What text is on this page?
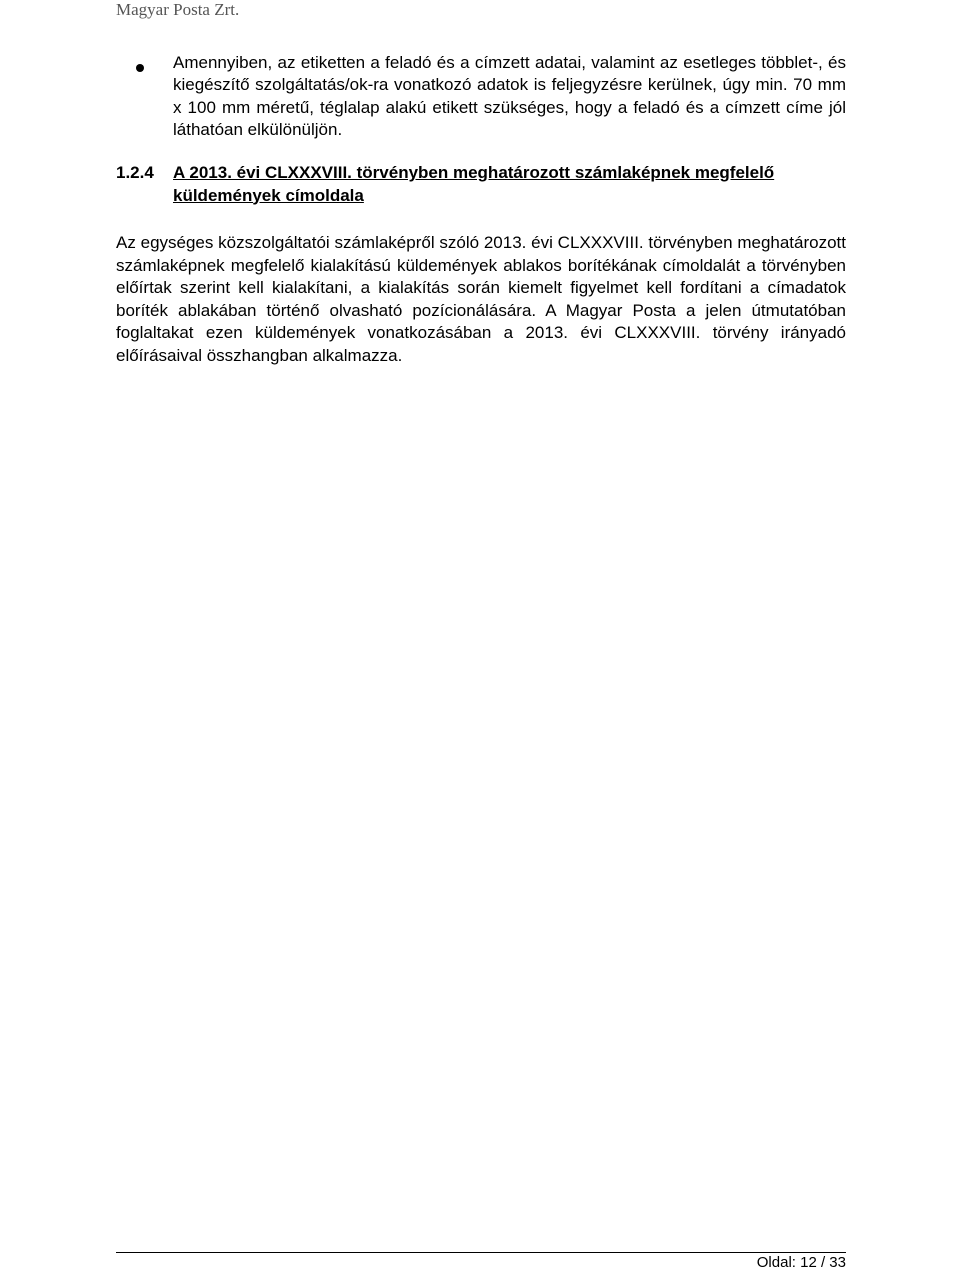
Magyar Posta Zrt.
Amennyiben, az etiketten a feladó és a címzett adatai, valamint az esetleges többlet-, és kiegészítő szolgáltatás/ok-ra vonatkozó adatok is feljegyzésre kerülnek, úgy min. 70 mm x 100 mm méretű, téglalap alakú etikett szükséges, hogy a feladó és a címzett címe jól láthatóan elkülönüljön.
1.2.4 A 2013. évi CLXXXVIII. törvényben meghatározott számlaképnek megfelelő küldemények címoldala
Az egységes közszolgáltatói számlaképről szóló 2013. évi CLXXXVIII. törvényben meghatározott számlaképnek megfelelő kialakítású küldemények ablakos borítékának címoldalát a törvényben előírtak szerint kell kialakítani, a kialakítás során kiemelt figyelmet kell fordítani a címadatok boríték ablakában történő olvasható pozícionálására. A Magyar Posta a jelen útmutatóban foglaltakat ezen küldemények vonatkozásában a 2013. évi CLXXXVIII. törvény irányadó előírásaival összhangban alkalmazza.
Oldal: 12 / 33
